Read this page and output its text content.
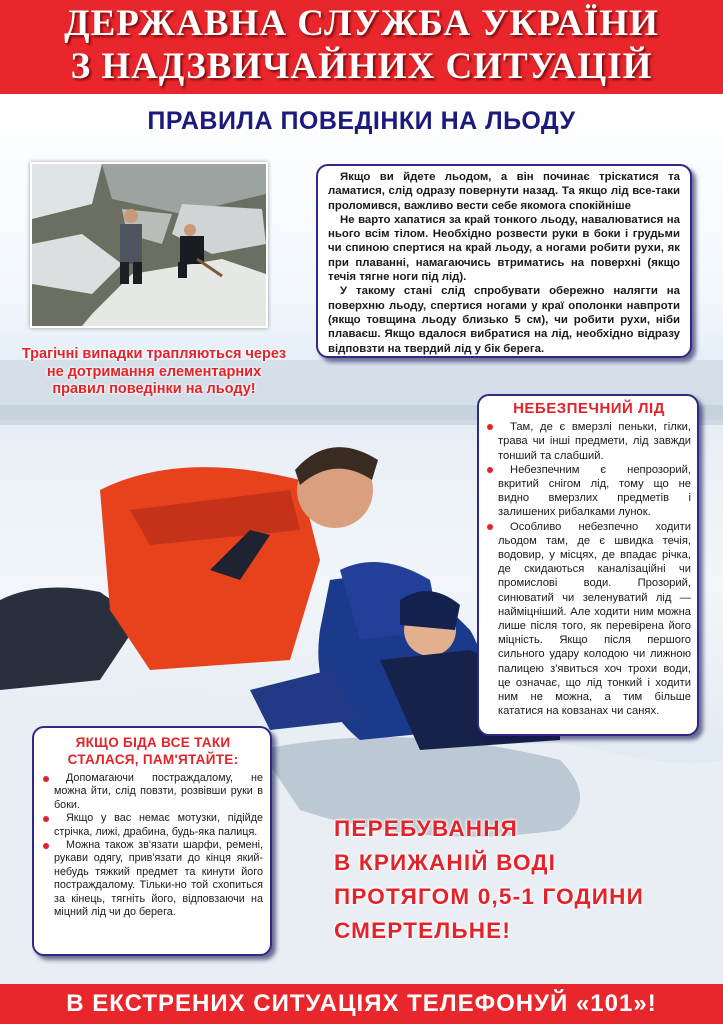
ДЕРЖАВНА СЛУЖБА УКРАЇНИ
З НАДЗВИЧАЙНИХ СИТУАЦІЙ
ПРАВИЛА ПОВЕДІНКИ НА ЛЬОДУ

Якщо ви йдете льодом, а він починає тріскатися та ламатися, слід одразу повернути назад. Та якщо лід все-таки проломився, важливо вести себе якомога спокійніше

Не варто хапатися за край тонкого льоду, навалюватися на нього всім тілом. Необхідно розвести руки в боки і грудьми чи спиною спертися на край льоду, а ногами робити рухи, як при плаванні, намагаючись втриматись на поверхні (якщо течія тягне ноги під лід).

У такому стані слід спробувати обережно налягти на поверхню льоду, спертися ногами у краї ополонки навпроти (якщо товщина льоду близько 5 см), чи робити рухи, ніби плаваєш. Якщо вдалося вибратися на лід, необхідно відразу відповзти на твердий лід у бік берега.

Трагічні випадки трапляються через не дотримання елементарних правил поведінки на льоду!
НЕБЕЗПЕЧНИЙ ЛІД

Там, де є вмерзлі пеньки, гілки, трава чи інші предмети, лід завжди тонший та слабший.

Небезпечним є непрозорий, вкритий снігом лід, тому що не видно вмерзлих предметів і залишених рибалками лунок.

Особливо небезпечно ходити льодом там, де є швидка течія, водовир, у місцях, де впадає річка, де скидаються каналізаційні чи промислові води. Прозорий, синюватий чи зеленуватий лід — найміцніший. Але ходити ним можна лише після того, як перевірена його міцність. Якщо після першого сильного удару колодою чи лижною палицею з'явиться хоч трохи води, це означає, що лід тонкий і ходити ним не можна, а тим більше кататися на ковзанах чи санях.

ЯКЩО БІДА ВСЕ ТАКИ СТАЛАСЯ, ПАМ'ЯТАЙТЕ:

Допомагаючи постраждалому, не можна йти, слід повзти, розвівши руки в боки.

Якщо у вас немає мотузки, підійде стрічка, лижі, драбина, будь-яка палиця.

Можна також зв'язати шарфи, ремені, рукави одягу, прив'язати до кінця який-небудь тяжкий предмет та кинути його постраждалому. Тільки-но той схопиться за кінець, тягніть його, відповзаючи на міцний лід чи до берега.

ПЕРЕБУВАННЯ
В КРИЖАНІЙ ВОДІ
ПРОТЯГОМ 0,5-1 ГОДИНИ
СМЕРТЕЛЬНЕ!
В ЕКСТРЕНИХ СИТУАЦІЯХ ТЕЛЕФОНУЙ «101»!
